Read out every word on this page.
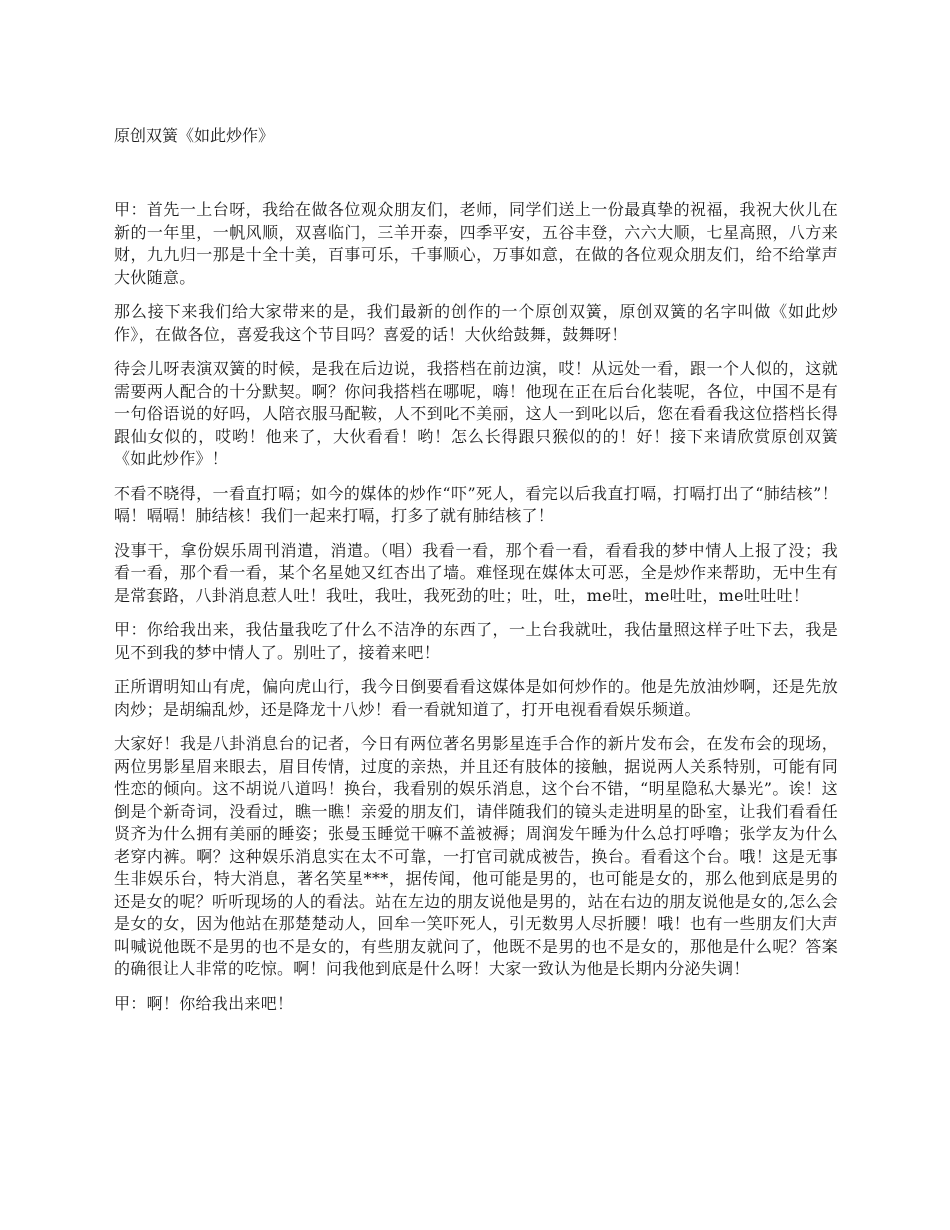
原创双簧《如此炒作》

甲：首先一上台呀，我给在做各位观众朋友们，老师，同学们送上一份最真挚的祝福，我祝大伙儿在新的一年里，一帆风顺，双喜临门，三羊开泰，四季平安，五谷丰登，六六大顺，七星高照，八方来财，九九归一那是十全十美，百事可乐，千事顺心，万事如意，在做的各位观众朋友们，给不给掌声大伙随意。

那么接下来我们给大家带来的是，我们最新的创作的一个原创双簧，原创双簧的名字叫做《如此炒作》，在做各位，喜爱我这个节目吗？喜爱的话！大伙给鼓舞，鼓舞呀！

待会儿呀表演双簧的时候，是我在后边说，我搭档在前边演，哎！从远处一看，跟一个人似的，这就需要两人配合的十分默契。啊？你问我搭档在哪呢，嗨！他现在正在后台化装呢，各位，中国不是有一句俗语说的好吗，人陪衣服马配鞍，人不到叱不美丽，这人一到叱以后，您在看看我这位搭档长得跟仙女似的，哎哟！他来了，大伙看看！哟！怎么长得跟只猴似的的！好！接下来请欣赏原创双簧《如此炒作》！

不看不晓得，一看直打嗝；如今的媒体的炒作“吓”死人，看完以后我直打嗝，打嗝打出了“肺结核”！嗝！嗝嗝！肺结核！我们一起来打嗝，打多了就有肺结核了！

没事干，拿份娱乐周刊消遣，消遣。（唱）我看一看，那个看一看，看看我的梦中情人上报了没；我看一看，那个看一看，某个名星她又红杏出了墙。难怪现在媒体太可恶，全是炒作来帮助，无中生有是常套路，八卦消息惹人吐！我吐，我吐，我死劲的吐；吐，吐，me吐，me吐吐，me吐吐吐！

甲：你给我出来，我估量我吃了什么不洁净的东西了，一上台我就吐，我估量照这样子吐下去，我是见不到我的梦中情人了。别吐了，接着来吧！

正所谓明知山有虎，偏向虎山行，我今日倒要看看这媒体是如何炒作的。他是先放油炒啊，还是先放肉炒；是胡编乱炒，还是降龙十八炒！看一看就知道了，打开电视看看娱乐频道。

大家好！我是八卦消息台的记者，今日有两位著名男影星连手合作的新片发布会，在发布会的现场，两位男影星眉来眼去，眉目传情，过度的亲热，并且还有肢体的接触，据说两人关系特别，可能有同性恋的倾向。这不胡说八道吗！换台，我看别的娱乐消息，这个台不错，“明星隐私大暴光”。诶！这倒是个新奇词，没看过，瞧一瞧！亲爱的朋友们，请伴随我们的镜头走进明星的卧室，让我们看看任贤齐为什么拥有美丽的睡姿；张曼玉睡觉干嘛不盖被褥；周润发午睡为什么总打呼噜；张学友为什么老穿内裤。啊？这种娱乐消息实在太不可靠，一打官司就成被告，换台。看看这个台。哦！这是无事生非娱乐台，特大消息，著名笑星***，据传闻，他可能是男的，也可能是女的，那么他到底是男的还是女的呢？听听现场的人的看法。站在左边的朋友说他是男的，站在右边的朋友说他是女的,怎么会是女的女，因为他站在那楚楚动人，回牟一笑吓死人，引无数男人尽折腰！哦！也有一些朋友们大声叫喊说他既不是男的也不是女的，有些朋友就问了，他既不是男的也不是女的，那他是什么呢？答案的确很让人非常的吃惊。啊！问我他到底是什么呀！大家一致认为他是长期内分泌失调！

甲：啊！你给我出来吧！
